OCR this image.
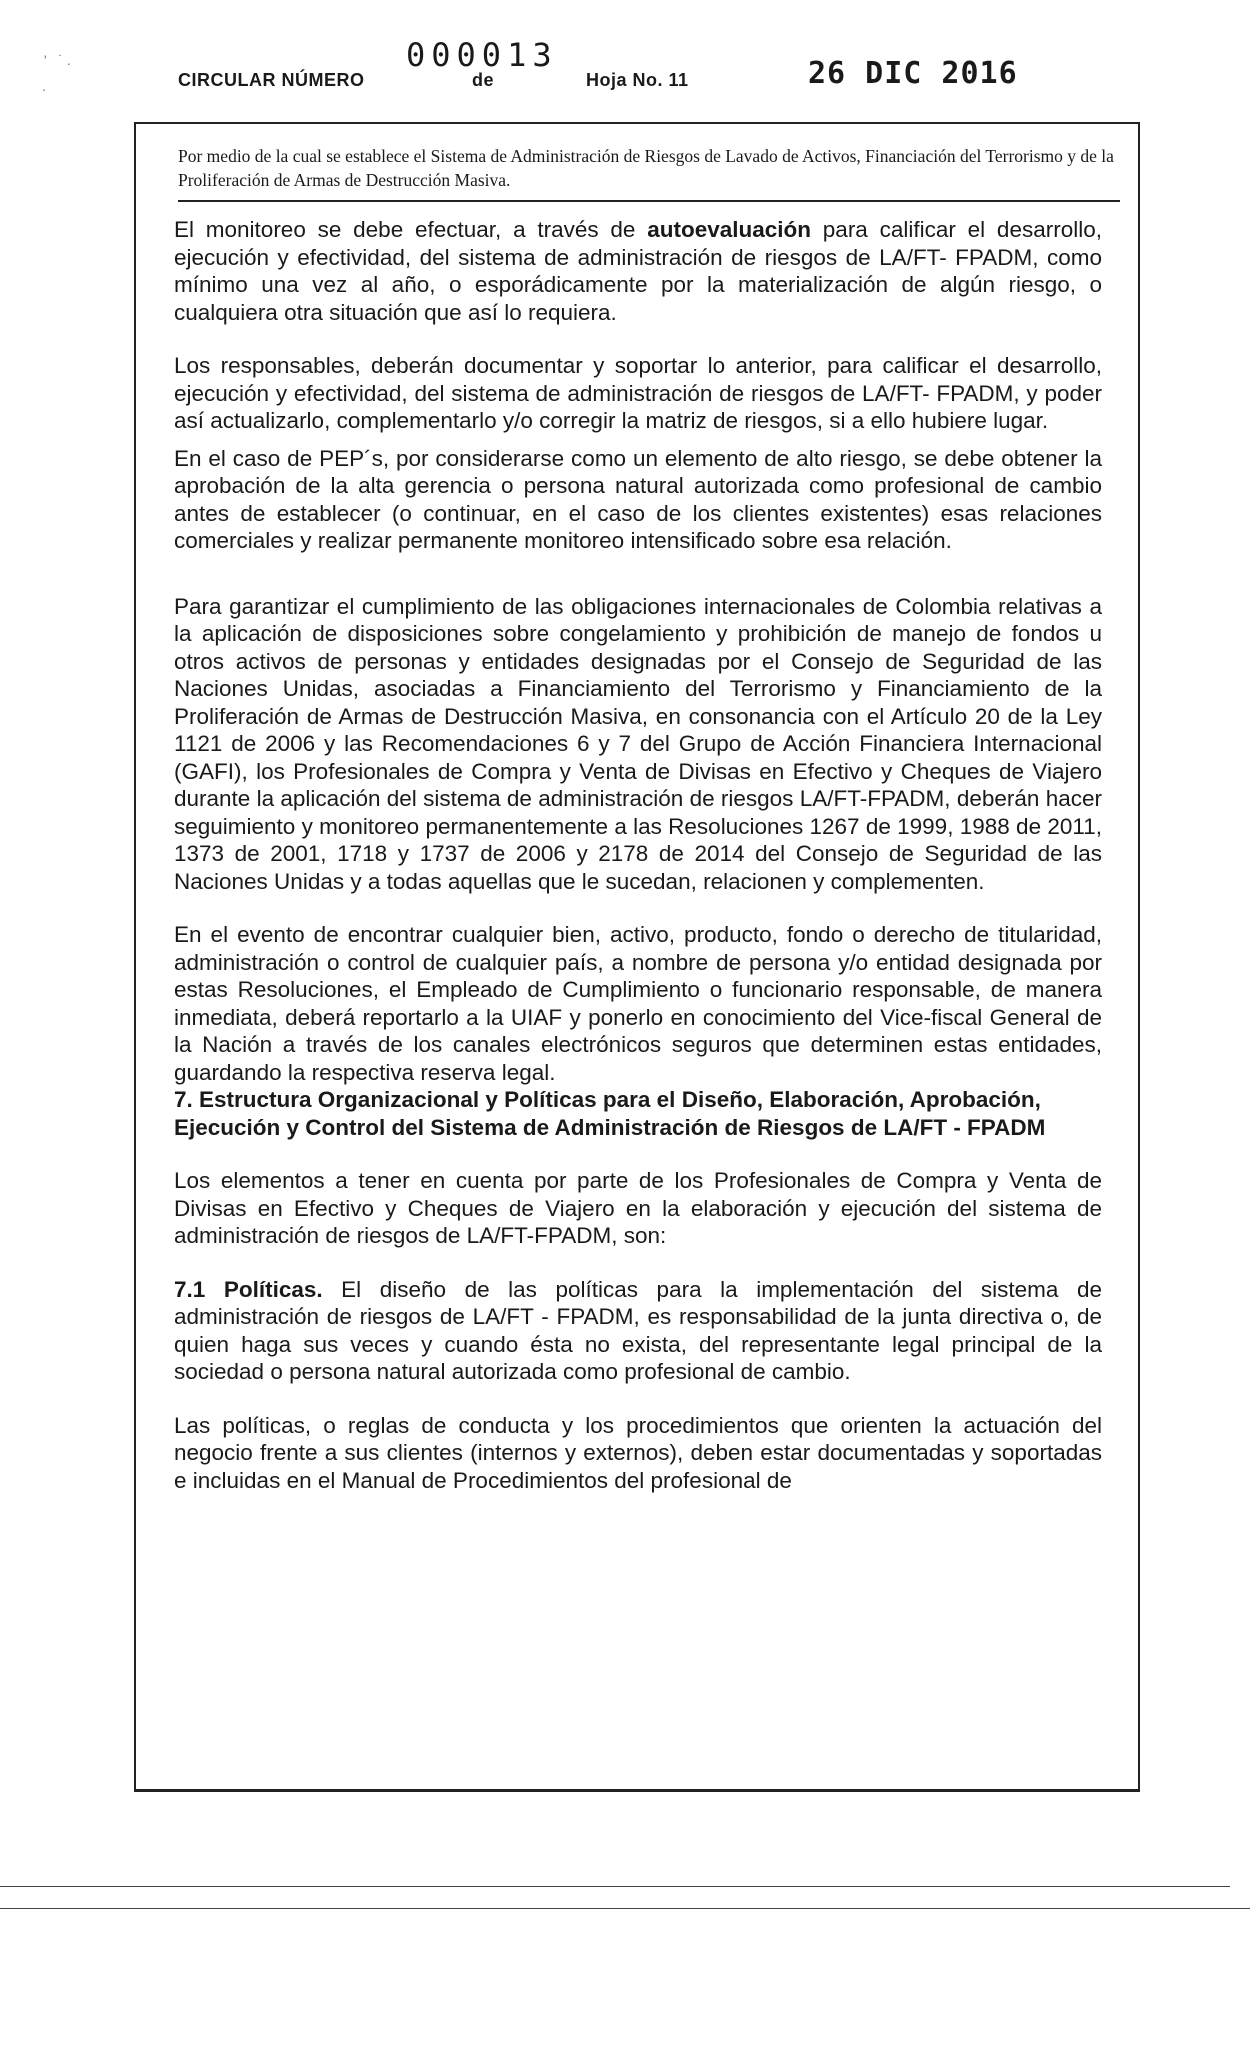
'   ˙ .
.	CIRCULAR NÚMERO
000013
de	Hoja No. 11	26 DIC 2016
Por medio de la cual se establece el Sistema de Administración de Riesgos de Lavado de Activos, Financiación del Terrorismo y de la Proliferación de Armas de Destrucción Masiva.

El monitoreo se debe efectuar, a través de autoevaluación para calificar el desarrollo, ejecución y efectividad, del sistema de administración de riesgos de LA/FT- FPADM, como mínimo una vez al año, o esporádicamente por la materialización de algún riesgo, o cualquiera otra situación que así lo requiera.

Los responsables, deberán documentar y soportar lo anterior, para calificar el desarrollo, ejecución y efectividad, del sistema de administración de riesgos de LA/FT- FPADM, y poder así actualizarlo, complementarlo y/o corregir la matriz de riesgos, si a ello hubiere lugar.

En el caso de PEP´s, por considerarse como un elemento de alto riesgo, se debe obtener la aprobación de la alta gerencia o persona natural autorizada como profesional de cambio antes de establecer (o continuar, en el caso de los clientes existentes) esas relaciones comerciales y realizar permanente monitoreo intensificado sobre esa relación.

Para garantizar el cumplimiento de las obligaciones internacionales de Colombia relativas a la aplicación de disposiciones sobre congelamiento y prohibición de manejo de fondos u otros activos de personas y entidades designadas por el Consejo de Seguridad de las Naciones Unidas, asociadas a Financiamiento del Terrorismo y Financiamiento de la Proliferación de Armas de Destrucción Masiva, en consonancia con el Artículo 20 de la Ley 1121 de 2006 y las Recomendaciones 6 y 7 del Grupo de Acción Financiera Internacional (GAFI), los Profesionales de Compra y Venta de Divisas en Efectivo y Cheques de Viajero durante la aplicación del sistema de administración de riesgos LA/FT-FPADM, deberán hacer seguimiento y monitoreo permanentemente a las Resoluciones 1267 de 1999, 1988 de 2011, 1373 de 2001, 1718 y 1737 de 2006 y 2178 de 2014 del Consejo de Seguridad de las Naciones Unidas y a todas aquellas que le sucedan, relacionen y complementen.

En el evento de encontrar cualquier bien, activo, producto, fondo o derecho de titularidad, administración o control de cualquier país, a nombre de persona y/o entidad designada por estas Resoluciones, el Empleado de Cumplimiento o funcionario responsable, de manera inmediata, deberá reportarlo a la UIAF y ponerlo en conocimiento del Vice-fiscal General de la Nación a través de los canales electrónicos seguros que determinen estas entidades, guardando la respectiva reserva legal.

7. Estructura Organizacional y Políticas para el Diseño, Elaboración, Aprobación, Ejecución y Control del Sistema de Administración de Riesgos de LA/FT - FPADM

Los elementos a tener en cuenta por parte de los Profesionales de Compra y Venta de Divisas en Efectivo y Cheques de Viajero en la elaboración y ejecución del sistema de administración de riesgos de LA/FT-FPADM, son:

7.1 Políticas. El diseño de las políticas para la implementación del sistema de administración de riesgos de LA/FT - FPADM, es responsabilidad de la junta directiva o, de quien haga sus veces y cuando ésta no exista, del representante legal principal de la sociedad o persona natural autorizada como profesional de cambio.

Las políticas, o reglas de conducta y los procedimientos que orienten la actuación del negocio frente a sus clientes (internos y externos), deben estar documentadas y soportadas e incluidas en el Manual de Procedimientos del profesional de
